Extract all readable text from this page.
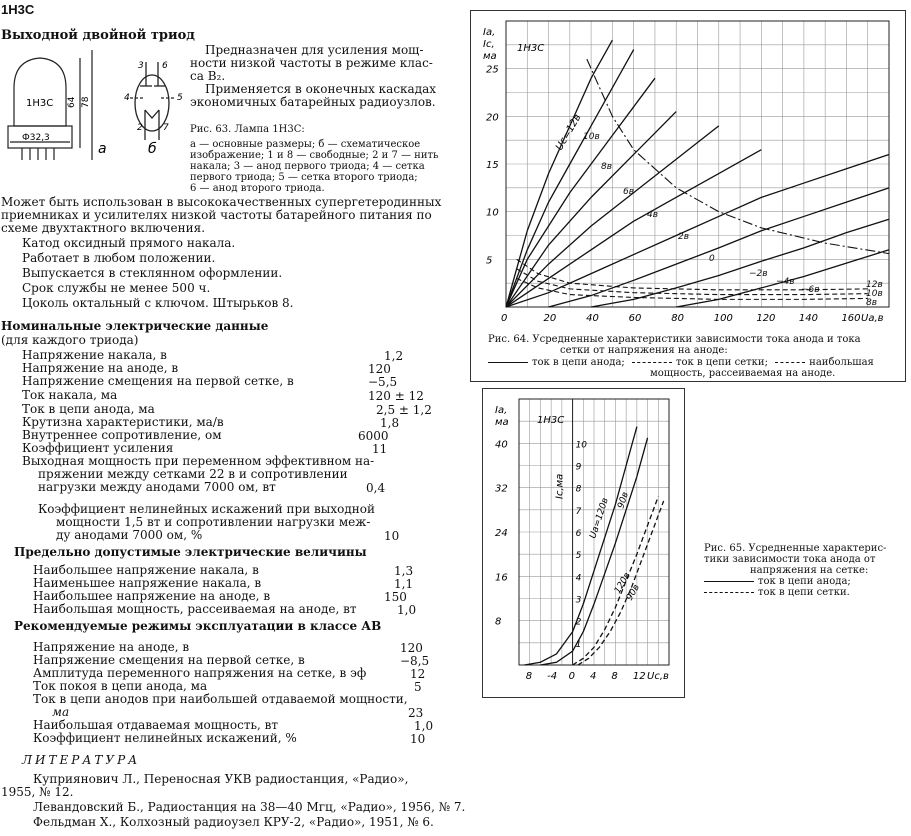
1Н3С
Выходной двойной триод
1Н3С 64 78
Ф32,3
а
3 6
4	5
2 7
б
Предназначен для усиления мощ-
ности низкой частоты в режиме клас-
са В₂.
Применяется в оконечных каскадах
экономичных батарейных радиоузлов.
Рис. 63. Лампа 1Н3С:
а — основные размеры; б — схематическое
изображение; 1 и 8 — свободные; 2 и 7 — нить
накала; 3 — анод первого триода; 4 — сетка
первого триода; 5 — сетка второго триода;
6 — анод второго триода.
Может быть использован в высококачественных супергетеродинных
приемниках и усилителях низкой частоты батарейного питания по
схеме двухтактного включения.
Катод оксидный прямого накала.
Работает в любом положении.
Выпускается в стеклянном оформлении.
Срок службы не менее 500 ч.
Цоколь октальный с ключом. Штырьков 8.
Номинальные электрические данные
(для каждого триода)
Напряжение накала, в	1,2
Напряжение на аноде, в	120
Напряжение смещения на первой сетке, в	−5,5
Ток накала, ма	120 ± 12
Ток в цепи анода, ма	2,5 ± 1,2
Крутизна характеристики, ма/в	1,8
Внутреннее сопротивление, ом	6000
Коэффициент усиления	11
Выходная мощность при переменном эффективном на-
пряжении между сетками 22 в и сопротивлении
нагрузки между анодами 7000 ом, вт	0,4
Коэффициент нелинейных искажений при выходной
мощности 1,5 вт и сопротивлении нагрузки меж-
ду анодами 7000 ом, %	10
Предельно допустимые электрические величины
Наибольшее напряжение накала, в	1,3
Наименьшее напряжение накала, в	1,1
Наибольшее напряжение на аноде, в	150
Наибольшая мощность, рассеиваемая на аноде, вт	1,0
Рекомендуемые режимы эксплуатации в классе АВ
Напряжение на аноде, в	120
Напряжение смещения на первой сетке, в	−8,5
Амплитуда переменного напряжения на сетке, в эф	12
Ток покоя в цепи анода, ма	5
Ток в цепи анодов при наибольшей отдаваемой мощности,
ма	23
Наибольшая отдаваемая мощность, вт	1,0
Коэффициент нелинейных искажений, %	10
ЛИТЕРАТУРА
Куприянович Л., Переносная УКВ радиостанция, «Радио»,
1955, № 12.
Левандовский Б., Радиостанция на 38—40 Мгц, «Радио», 1956, № 7.
Фельдман Х., Колхозный радиоузел КРУ-2, «Радио», 1951, № 6.
0	20	40	60	80	100 120 140 160
5
10
15
20
25
Iа,
Iс,
ма
Uа,в
1Н3С
Uс=12в 10в
8в
6в
4в
2в
0
−2в
−4в
−6в	12в
10в
8в
Рис. 64. Усредненные характеристики зависимости тока анода и тока
сетки от напряжения на аноде:
ток в цепи анода;	ток в цепи сетки;	наибольшая
мощность, рассеиваемая на аноде.
8 -4 0 4 8 12
8
16
24
32
40
1
2
3
4
5
6
7
8
9
10
Iа,
ма
Iс,ма
Uс,в
1Н3С
Uа=120в 90в
120в
90в
Рис. 65. Усредненные характерис-
тики зависимости тока анода от
напряжения на сетке:
ток в цепи анода;
ток в цепи сетки.
